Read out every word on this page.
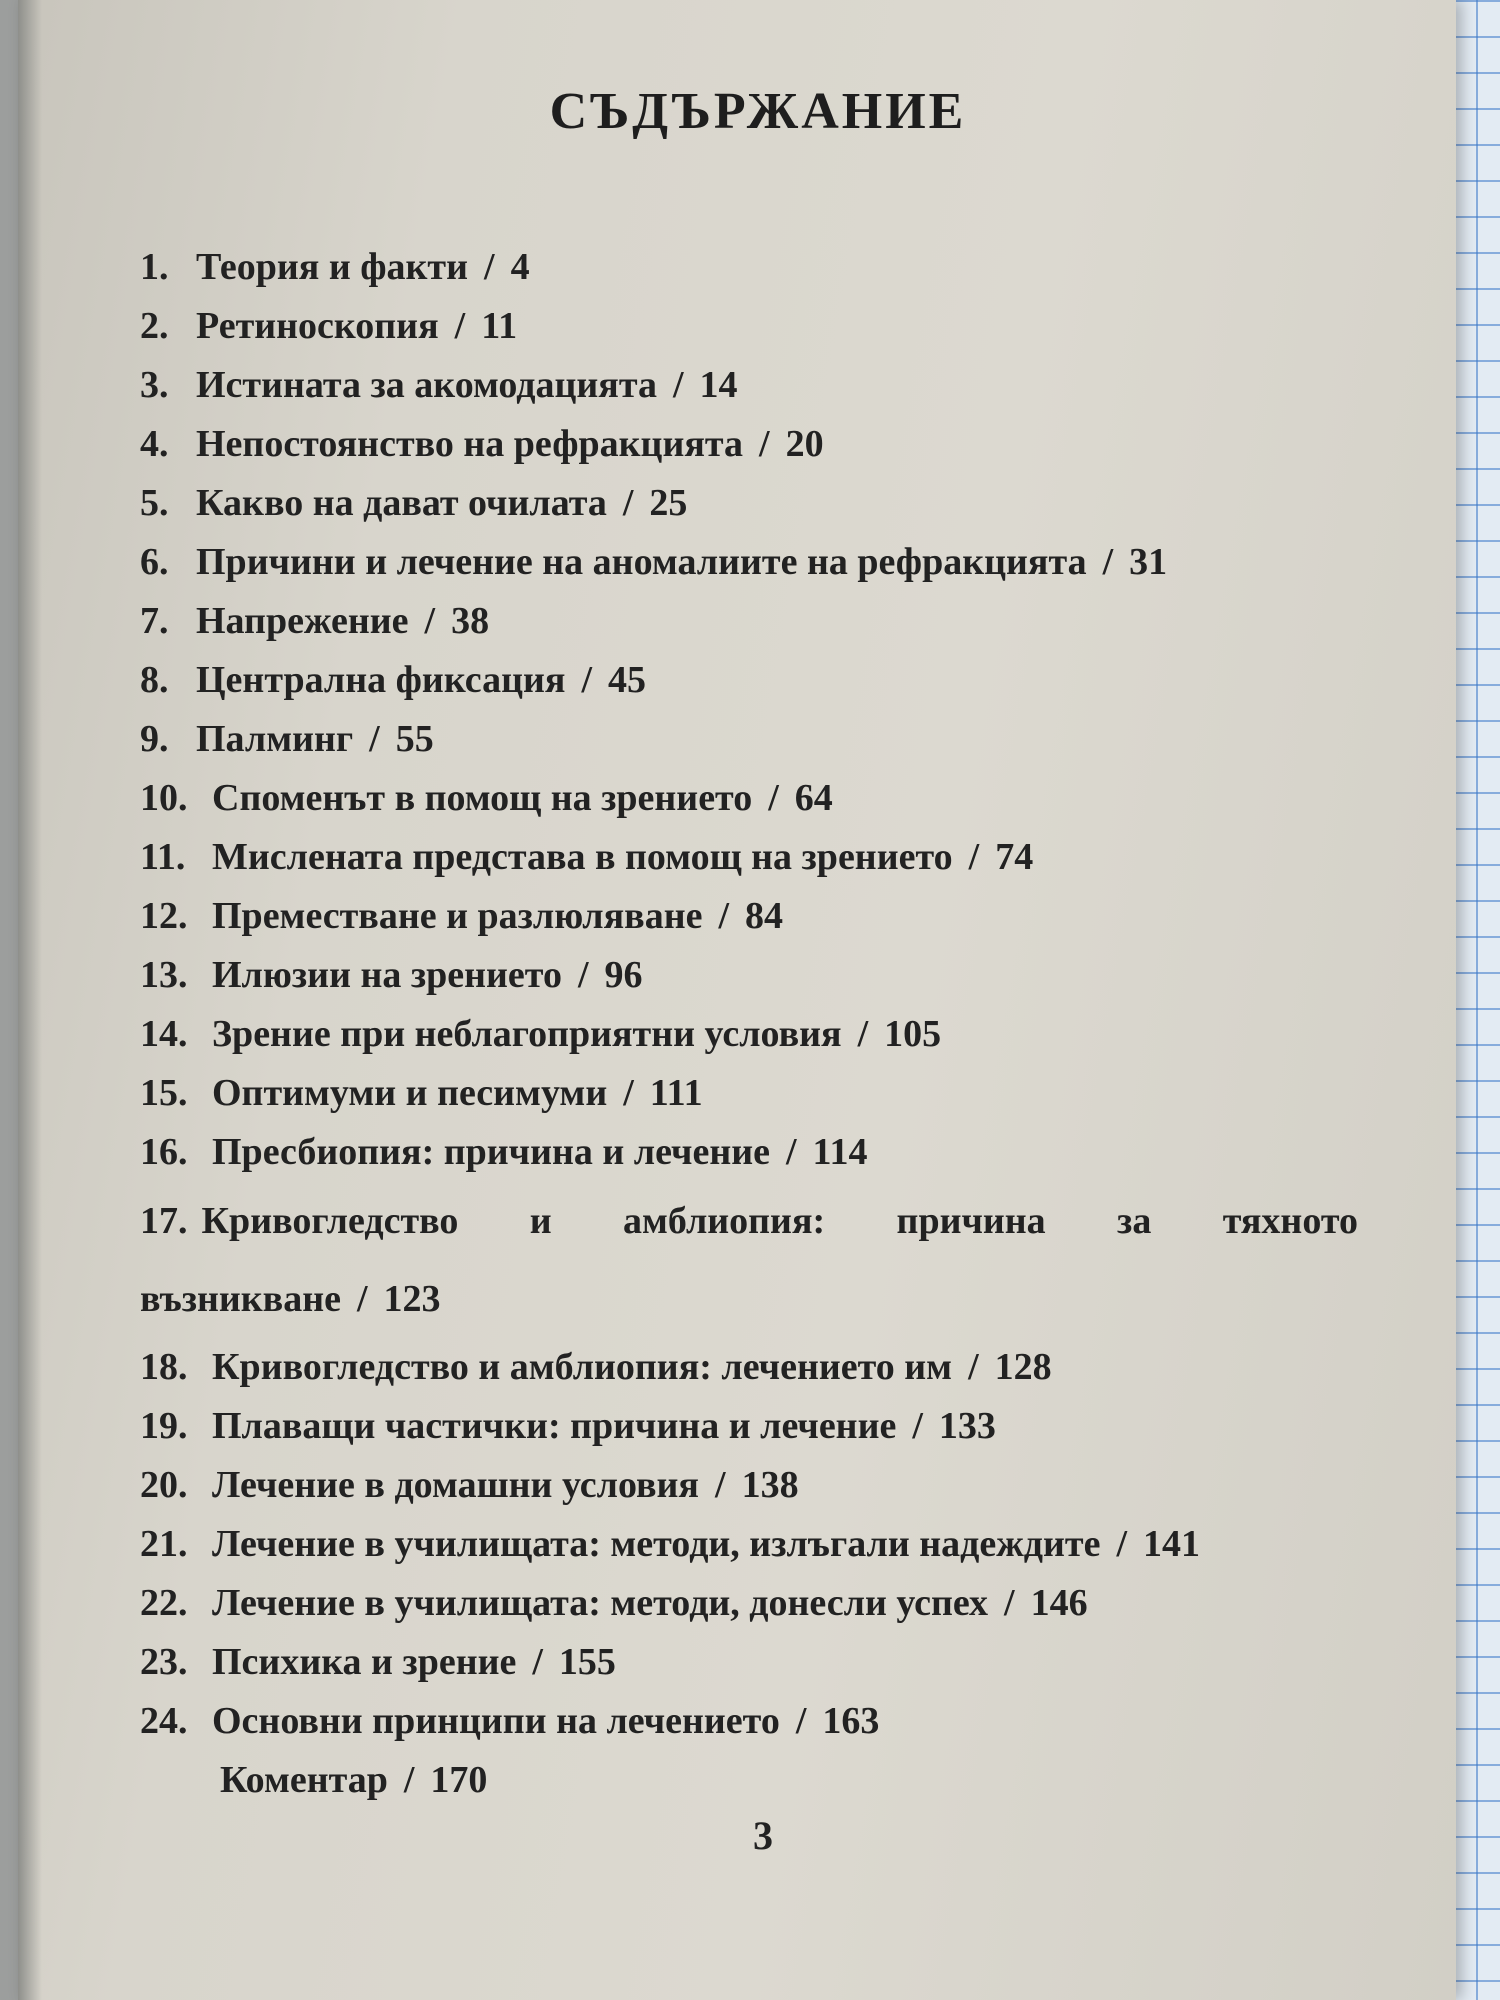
СЪДЪРЖАНИЕ
1. Теория и факти / 4
2. Ретиноскопия / 11
3. Истината за акомодацията / 14
4. Непостоянство на рефракцията / 20
5. Какво на дават очилата / 25
6. Причини и лечение на аномалиите на рефракцията / 31
7. Напрежение / 38
8. Централна фиксация / 45
9. Палминг / 55
10. Споменът в помощ на зрението / 64
11. Мислената представа в помощ на зрението / 74
12. Преместване и разлюляване / 84
13. Илюзии на зрението / 96
14. Зрение при неблагоприятни условия / 105
15. Оптимуми и песимуми / 111
16. Пресбиопия: причина и лечение / 114
17. Кривогледство и амблиопия: причина за тяхното възникване / 123
18. Кривогледство и амблиопия: лечението им / 128
19. Плаващи частички: причина и лечение / 133
20. Лечение в домашни условия / 138
21. Лечение в училищата: методи, излъгали надеждите / 141
22. Лечение в училищата: методи, донесли успех / 146
23. Психика и зрение / 155
24. Основни принципи на лечението / 163
Коментар / 170
3
